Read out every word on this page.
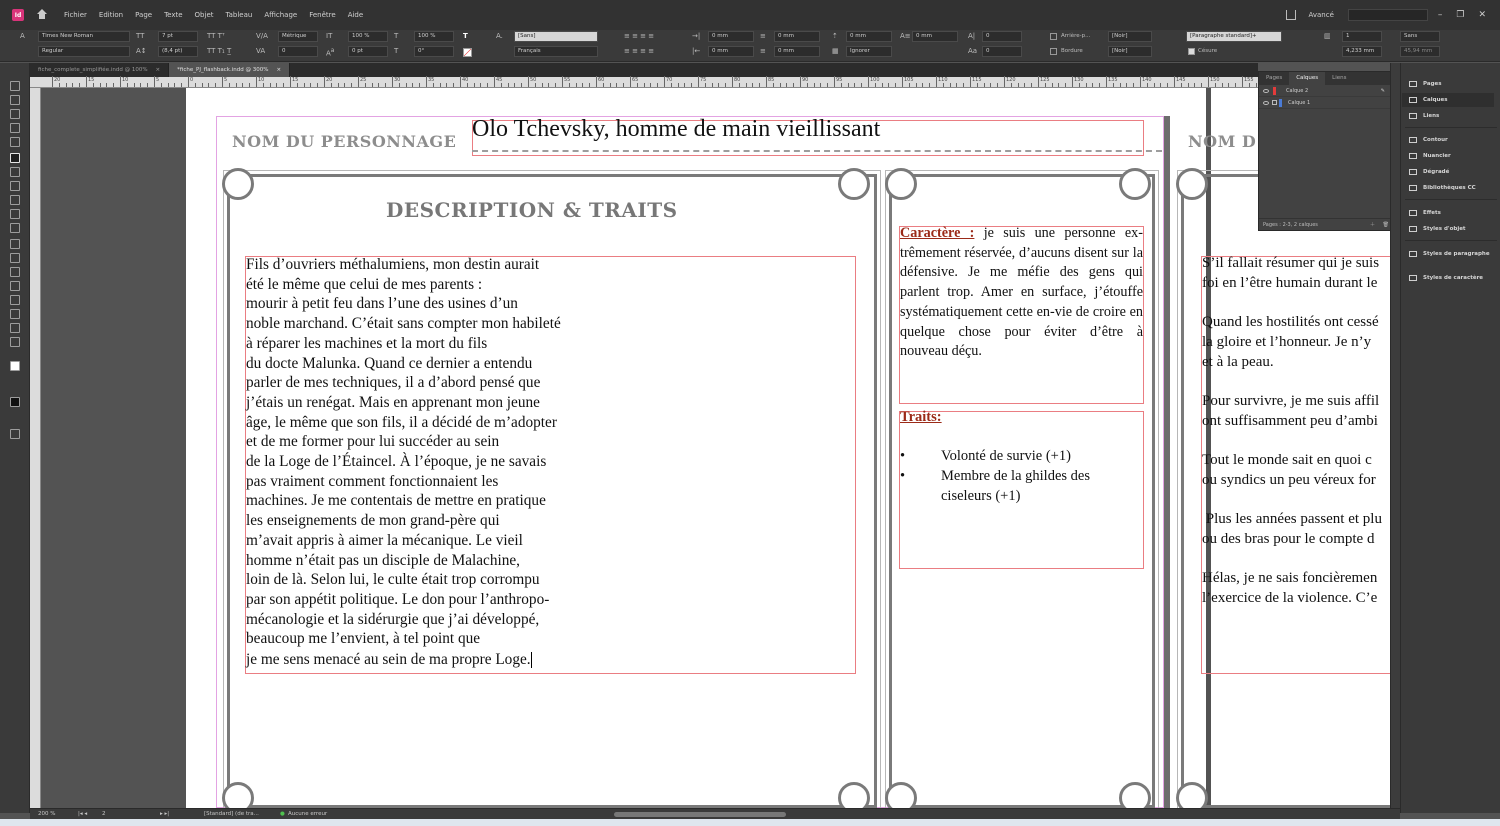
Id	Fichier Edition Page Texte Objet Tableau Affichage Fenêtre Aide	Avancé	– ❐ ✕
A	Times New Roman	TT	7 pt	TT Tᵀ	V/A	Métrique	IT	100 %	T	100 %	T	A.	[Sans]	≡ ≡ ≡ ≡	→|	0 mm	≡	0 mm	⇡	0 mm	A≡ 0 mm	A|	0	Arrière-p...	[Noir]	[Paragraphe standard]+	▥	1	Sans
Regular	A↕	(8,4 pt)	TT T₁ T̲	VA	0	$A^a$	0 pt	T	0°	Français	≡ ≡ ≡ ≡	|←	0 mm	≡	0 mm	▦	Ignorer	Aa	0	Bordure	[Noir]	Césure	4,233 mm	45,94 mm
fiche_complete_simplifiée.indd @ 100% ×	*fiche_PJ_flashback.indd @ 300% ×
20	15	10	5	0	5	10	15	20	25	30	35	40	45	50	55	60	65	70	75	80	85	90	95	100	105	110	115	120	125	130	135	140	145	150	155
NOM DU PERSONNAGE Olo Tchevsky, homme de main vieillissant	NOM D
DESCRIPTION & TRAITS
Fils d’ouvriers méthalumiens, mon destin aurait
été le même que celui de mes parents :
mourir à petit feu dans l’une des usines d’un
noble marchand. C’était sans compter mon habileté
à réparer les machines et la mort du fils
du docte Malunka. Quand ce dernier a entendu
parler de mes techniques, il a d’abord pensé que
j’étais un renégat. Mais en apprenant mon jeune
âge, le même que son fils, il a décidé de m’adopter
et de me former pour lui succéder au sein
de la Loge de l’Étaincel. À l’époque, je ne savais
pas vraiment comment fonctionnaient les
machines. Je me contentais de mettre en pratique
les enseignements de mon grand-père qui
m’avait appris à aimer la mécanique. Le vieil
homme n’était pas un disciple de Malachine,
loin de là. Selon lui, le culte était trop corrompu
par son appétit politique. Le don pour l’anthropo-
mécanologie et la sidérurgie que j’ai développé,
beaucoup me l’envient, à tel point que
je me sens menacé au sein de ma propre Loge.
Caractère : je suis une personne ex-trêmement réservée, d’aucuns disent sur la défensive. Je me méfie des gens qui parlent trop. Amer en surface, j’étouffe systématiquement cette en-vie de croire en quelque chose pour éviter d’être à nouveau déçu.
Traits:
• Volonté de survie (+1)
• Membre de la ghildes des
ciseleurs (+1)
S’il fallait résumer qui je suis
foi en l’être humain durant le

Quand les hostilités ont cessé
la gloire et l’honneur. Je n’y
et à la peau.

Pour survivre, je me suis affil
ont suffisamment peu d’ambi

Tout le monde sait en quoi c
ou syndics un peu véreux for

Plus les années passent et plu
ou des bras pour le compte d

Hélas, je ne sais foncièremen
l’exercice de la violence. C’e
Pages	Calques	Liens
Calque 2	✎
Calque 1
Pages : 2-3, 2 calques	＋ 🗑
Pages
Calques
Liens
Contour
Nuancier
Dégradé
Bibliothèques CC
Effets
Styles d'objet
Styles de paragraphe
Styles de caractère
200 %	|◂ ◂	2	▸ ▸|	[Standard] (de tra...	● Aucune erreur
